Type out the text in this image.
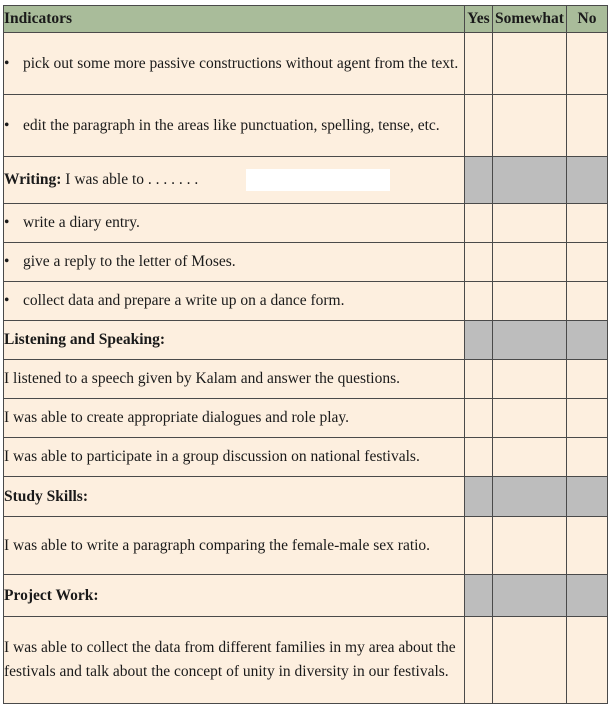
Indicators	Yes	Somewhat	No

• pick out some more passive constructions without agent from the text.			

• edit the paragraph in the areas like punctuation, spelling, tense, etc.			

Writing: I was able to . . . . . . .			

• write a diary entry.			

• give a reply to the letter of Moses.			

• collect data and prepare a write up on a dance form.			

Listening and Speaking:			
I listened to a speech given by Kalam and answer the questions.			
I was able to create appropriate dialogues and role play.			
I was able to participate in a group discussion on national festivals.			
Study Skills:			
I was able to write a paragraph comparing the female-male sex ratio.			
Project Work:			
I was able to collect the data from different families in my area about the festivals and talk about the concept of unity in diversity in our festivals.			
